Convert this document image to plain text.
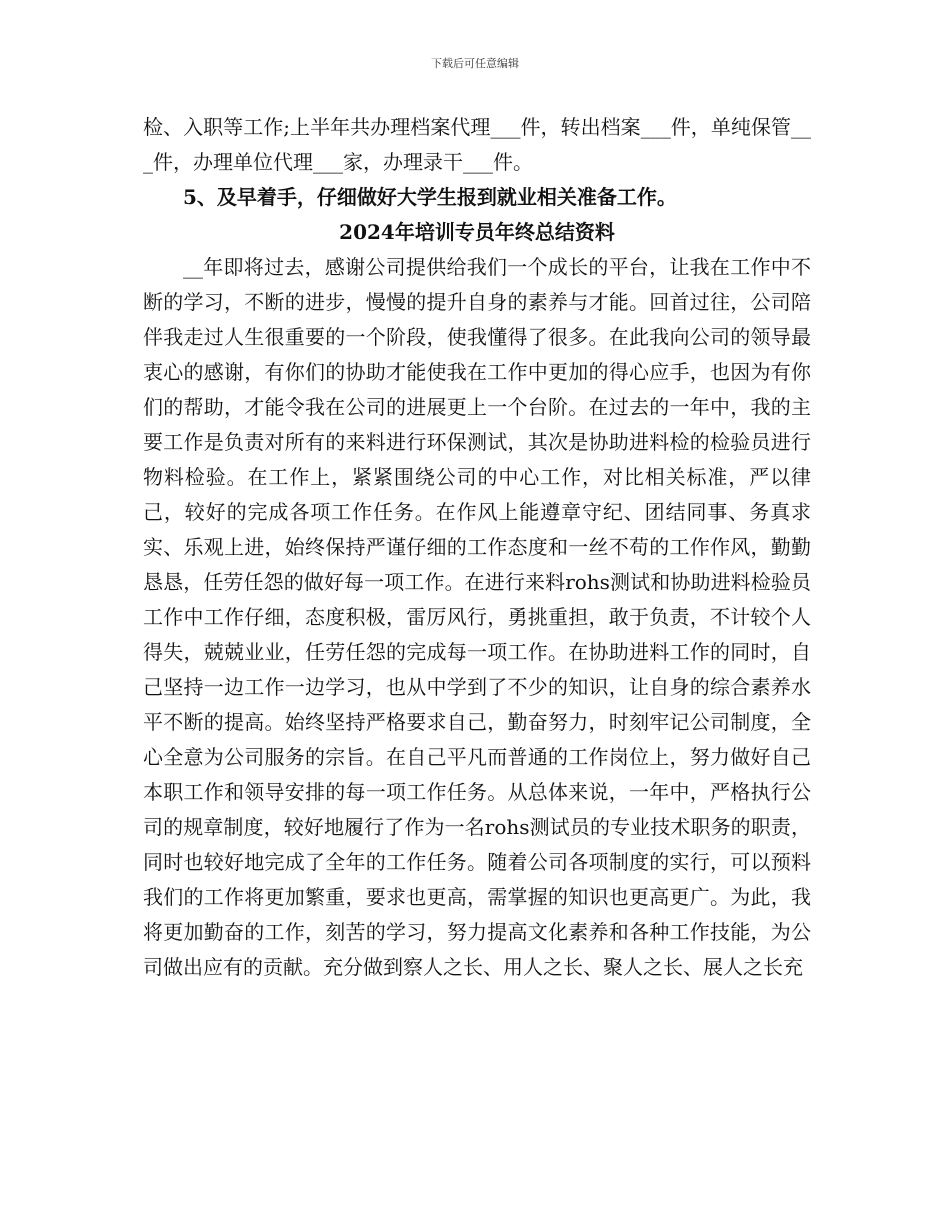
下载后可任意编辑

检、入职等工作;上半年共办理档案代理___件，转出档案___件，单纯保管___件，办理单位代理___家，办理录干___件。

5、及早着手，仔细做好大学生报到就业相关准备工作。

2024年培训专员年终总结资料

__年即将过去，感谢公司提供给我们一个成长的平台，让我在工作中不断的学习，不断的进步，慢慢的提升自身的素养与才能。回首过往，公司陪伴我走过人生很重要的一个阶段，使我懂得了很多。在此我向公司的领导最衷心的感谢，有你们的协助才能使我在工作中更加的得心应手，也因为有你们的帮助，才能令我在公司的进展更上一个台阶。在过去的一年中，我的主要工作是负责对所有的来料进行环保测试，其次是协助进料检的检验员进行物料检验。在工作上，紧紧围绕公司的中心工作，对比相关标准，严以律己，较好的完成各项工作任务。在作风上能遵章守纪、团结同事、务真求实、乐观上进，始终保持严谨仔细的工作态度和一丝不苟的工作作风，勤勤恳恳，任劳任怨的做好每一项工作。在进行来料rohs测试和协助进料检验员工作中工作仔细，态度积极，雷厉风行，勇挑重担，敢于负责，不计较个人得失，兢兢业业，任劳任怨的完成每一项工作。在协助进料工作的同时，自己坚持一边工作一边学习，也从中学到了不少的知识，让自身的综合素养水平不断的提高。始终坚持严格要求自己，勤奋努力，时刻牢记公司制度，全心全意为公司服务的宗旨。在自己平凡而普通的工作岗位上，努力做好自己本职工作和领导安排的每一项工作任务。从总体来说，一年中，严格执行公司的规章制度，较好地履行了作为一名rohs测试员的专业技术职务的职责，同时也较好地完成了全年的工作任务。随着公司各项制度的实行，可以预料我们的工作将更加繁重，要求也更高，需掌握的知识也更高更广。为此，我将更加勤奋的工作，刻苦的学习，努力提高文化素养和各种工作技能，为公司做出应有的贡献。充分做到察人之长、用人之长、聚人之长、展人之长充
